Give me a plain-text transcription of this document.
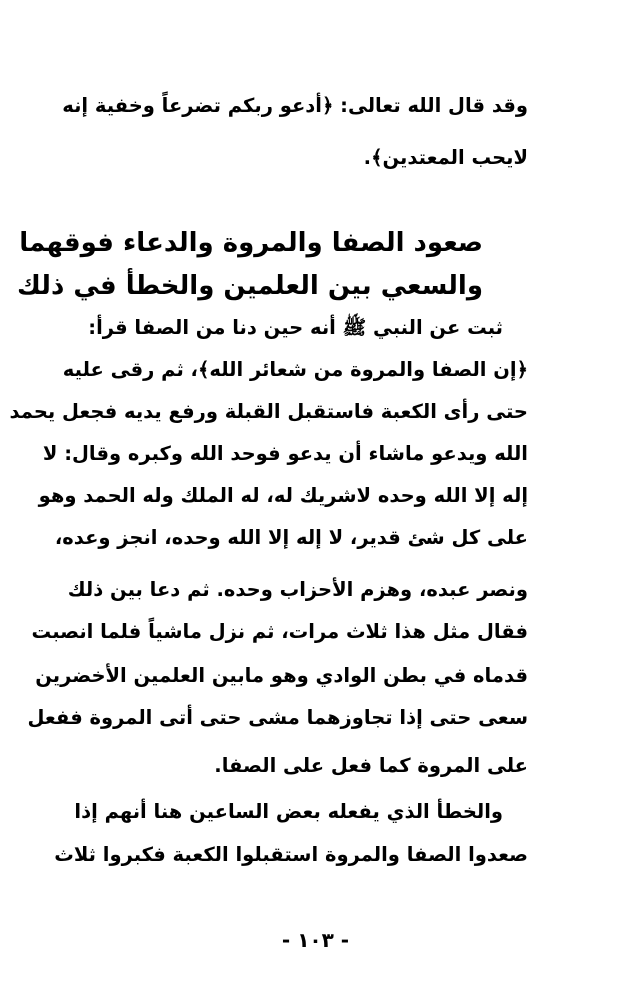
وقد قال الله تعالى: ﴿أدعو ربكم تضرعاً وخفية إنه
لايحب المعتدين﴾.
صعود الصفا والمروة والدعاء فوقهما
والسعي بين العلمين والخطأ في ذلك
ثبت عن النبي ﷺ أنه حين دنا من الصفا قرأ:
﴿إن الصفا والمروة من شعائر الله﴾، ثم رقى عليه
حتى رأى الكعبة فاستقبل القبلة ورفع يديه فجعل يحمد
الله ويدعو ماشاء أن يدعو فوحد الله وكبره وقال: لا
إله إلا الله وحده لاشريك له، له الملك وله الحمد وهو
على كل شئ قدير، لا إله إلا الله وحده، انجز وعده،
ونصر عبده، وهزم الأحزاب وحده. ثم دعا بين ذلك
فقال مثل هذا ثلاث مرات، ثم نزل ماشياً فلما انصبت
قدماه في بطن الوادي وهو مابين العلمين الأخضرين
سعى حتى إذا تجاوزهما مشى حتى أتى المروة ففعل
على المروة كما فعل على الصفا.
والخطأ الذي يفعله بعض الساعين هنا أنهم إذا
صعدوا الصفا والمروة استقبلوا الكعبة فكبروا ثلاث
- ١٠٣ -
